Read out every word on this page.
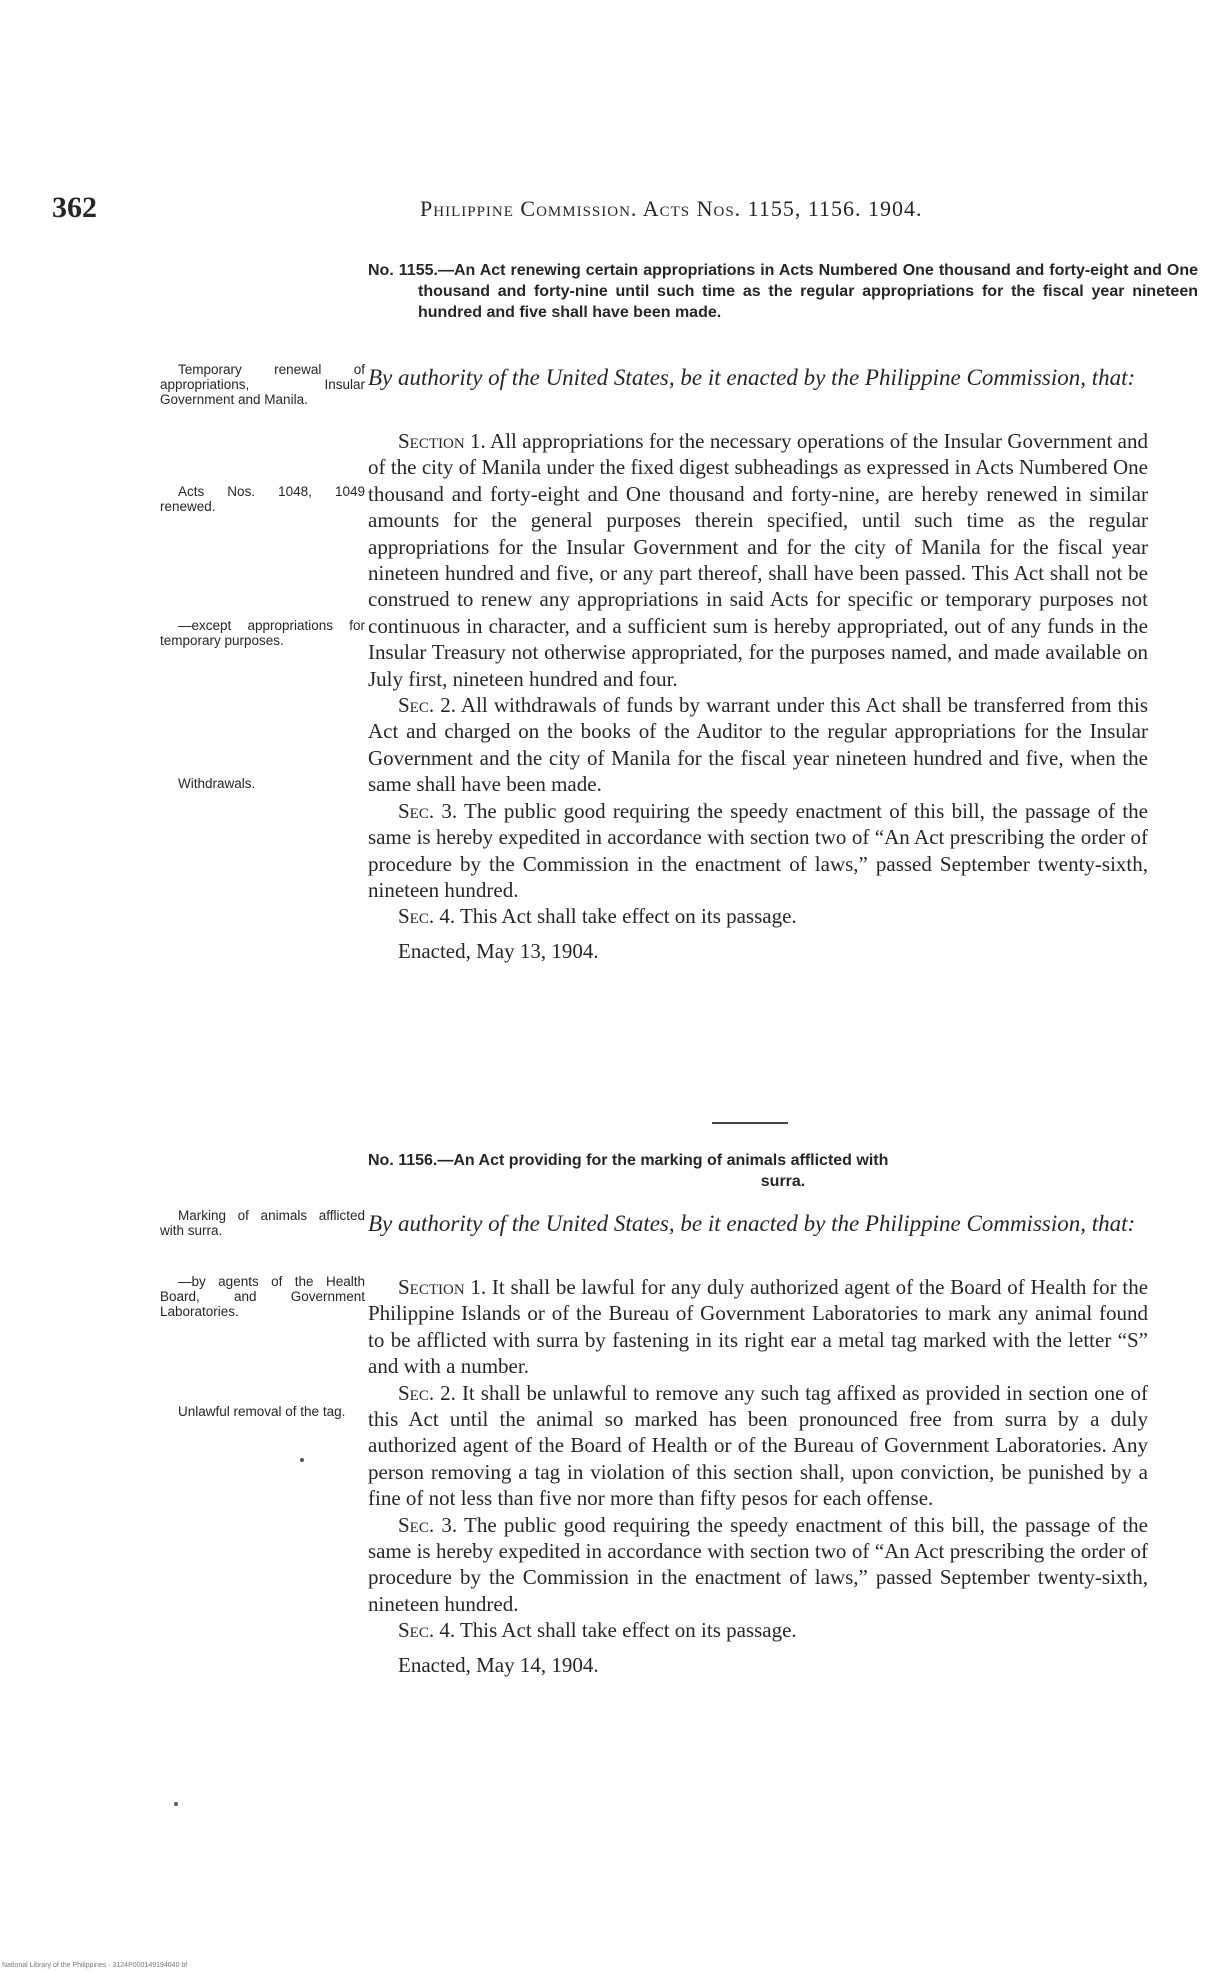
362	Philippine Commission. Acts Nos. 1155, 1156. 1904.
No. 1155.—An Act renewing certain appropriations in Acts Numbered One thousand and forty-eight and One thousand and forty-nine until such time as the regular appropriations for the fiscal year nineteen hundred and five shall have been made.
Temporary renewal of appropriations, Insular Government and Manila.
By authority of the United States, be it enacted by the Philippine Commission, that:
Acts Nos. 1048, 1049 renewed.
—except appropriations for temporary purposes.
Withdrawals.

Section 1. All appropriations for the necessary operations of the Insular Government and of the city of Manila under the fixed digest subheadings as expressed in Acts Numbered One thousand and forty-eight and One thousand and forty-nine, are hereby renewed in similar amounts for the general purposes therein specified, until such time as the regular appropriations for the Insular Government and for the city of Manila for the fiscal year nineteen hundred and five, or any part thereof, shall have been passed. This Act shall not be construed to renew any appropriations in said Acts for specific or temporary purposes not continuous in character, and a sufficient sum is hereby appropriated, out of any funds in the Insular Treasury not otherwise appropriated, for the purposes named, and made available on July first, nineteen hundred and four.

Sec. 2. All withdrawals of funds by warrant under this Act shall be transferred from this Act and charged on the books of the Auditor to the regular appropriations for the Insular Government and the city of Manila for the fiscal year nineteen hundred and five, when the same shall have been made.

Sec. 3. The public good requiring the speedy enactment of this bill, the passage of the same is hereby expedited in accordance with section two of “An Act prescribing the order of procedure by the Commission in the enactment of laws,” passed September twenty-sixth, nineteen hundred.

Sec. 4. This Act shall take effect on its passage.

Enacted, May 13, 1904.

No. 1156.—An Act providing for the marking of animals afflicted with
surra.
Marking of animals afflicted with surra.	By authority of the United States, be it enacted by the Philippine Commission, that:
—by agents of the Health Board, and Government Laboratories.
Unlawful removal of the tag.

Section 1. It shall be lawful for any duly authorized agent of the Board of Health for the Philippine Islands or of the Bureau of Government Laboratories to mark any animal found to be afflicted with surra by fastening in its right ear a metal tag marked with the letter “S” and with a number.

Sec. 2. It shall be unlawful to remove any such tag affixed as provided in section one of this Act until the animal so marked has been pronounced free from surra by a duly authorized agent of the Board of Health or of the Bureau of Government Laboratories. Any person removing a tag in violation of this section shall, upon conviction, be punished by a fine of not less than five nor more than fifty pesos for each offense.

Sec. 3. The public good requiring the speedy enactment of this bill, the passage of the same is hereby expedited in accordance with section two of “An Act prescribing the order of procedure by the Commission in the enactment of laws,” passed September twenty-sixth, nineteen hundred.

Sec. 4. This Act shall take effect on its passage.

Enacted, May 14, 1904.

National Library of the Philippines · 3124P000149194040 bf
